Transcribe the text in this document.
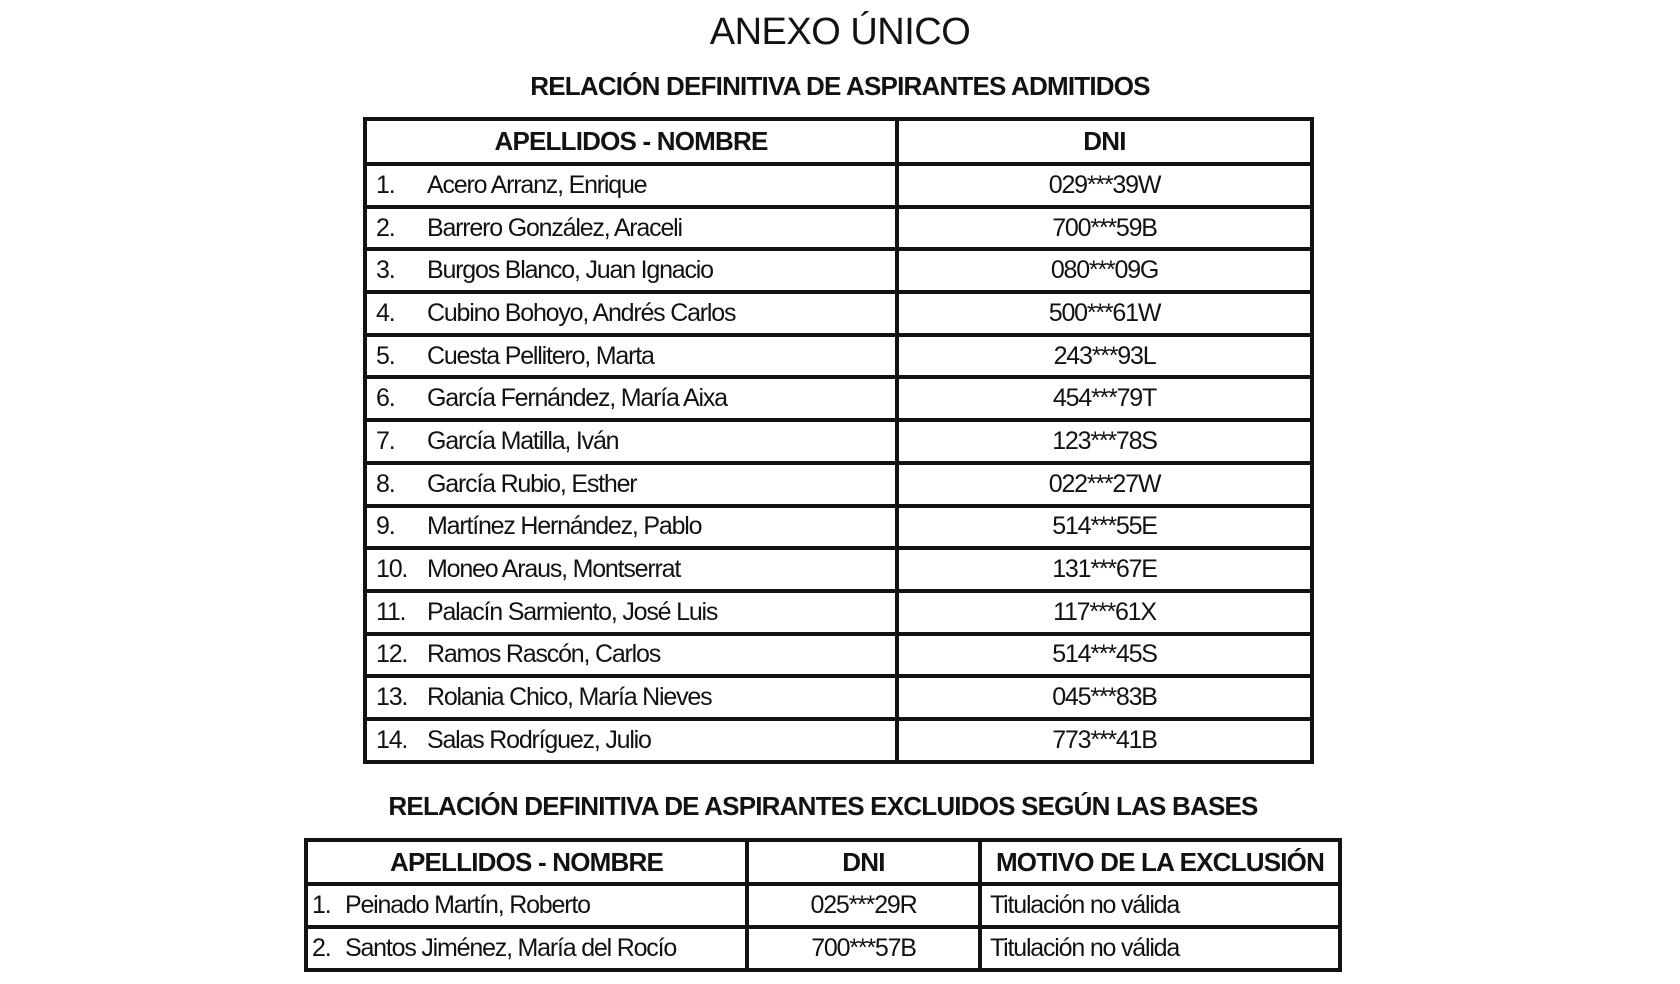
ANEXO ÚNICO
RELACIÓN DEFINITIVA DE ASPIRANTES ADMITIDOS
APELLIDOS - NOMBRE	DNI
1. Acero Arranz, Enrique	029***39W
2. Barrero González, Araceli	700***59B
3. Burgos Blanco, Juan Ignacio	080***09G
4. Cubino Bohoyo, Andrés Carlos	500***61W
5. Cuesta Pellitero, Marta	243***93L
6. García Fernández, María Aixa	454***79T
7. García Matilla, Iván	123***78S
8. García Rubio, Esther	022***27W
9. Martínez Hernández, Pablo	514***55E
10. Moneo Araus, Montserrat	131***67E
11. Palacín Sarmiento, José Luis	117***61X
12. Ramos Rascón, Carlos	514***45S
13. Rolania Chico, María Nieves	045***83B
14. Salas Rodríguez, Julio	773***41B
RELACIÓN DEFINITIVA DE ASPIRANTES EXCLUIDOS SEGÚN LAS BASES
APELLIDOS - NOMBRE	DNI	MOTIVO DE LA EXCLUSIÓN
1. Peinado Martín, Roberto	025***29R	Titulación no válida
2. Santos Jiménez, María del Rocío	700***57B	Titulación no válida
